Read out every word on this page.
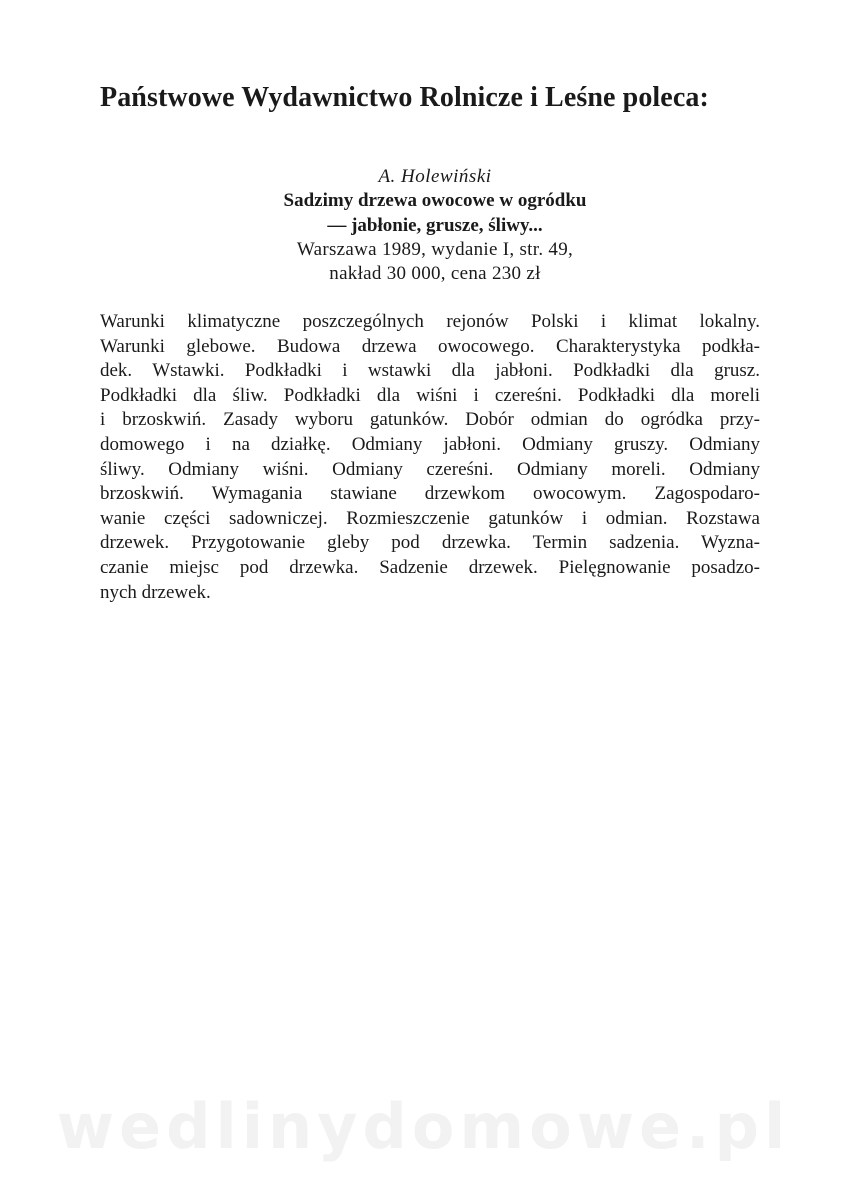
Państwowe Wydawnictwo Rolnicze i Leśne poleca:
A. Holewiński
Sadzimy drzewa owocowe w ogródku
— jabłonie, grusze, śliwy...
Warszawa 1989, wydanie I, str. 49,
nakład 30 000, cena 230 zł
Warunki klimatyczne poszczególnych rejonów Polski i klimat lokalny.
Warunki glebowe. Budowa drzewa owocowego. Charakterystyka podkła-
dek. Wstawki. Podkładki i wstawki dla jabłoni. Podkładki dla grusz.
Podkładki dla śliw. Podkładki dla wiśni i czereśni. Podkładki dla moreli
i brzoskwiń. Zasady wyboru gatunków. Dobór odmian do ogródka przy-
domowego i na działkę. Odmiany jabłoni. Odmiany gruszy. Odmiany
śliwy. Odmiany wiśni. Odmiany czereśni. Odmiany moreli. Odmiany
brzoskwiń. Wymagania stawiane drzewkom owocowym. Zagospodaro-
wanie części sadowniczej. Rozmieszczenie gatunków i odmian. Rozstawa
drzewek. Przygotowanie gleby pod drzewka. Termin sadzenia. Wyzna-
czanie miejsc pod drzewka. Sadzenie drzewek. Pielęgnowanie posadzo-
nych drzewek.
wedlinydomowe.pl
